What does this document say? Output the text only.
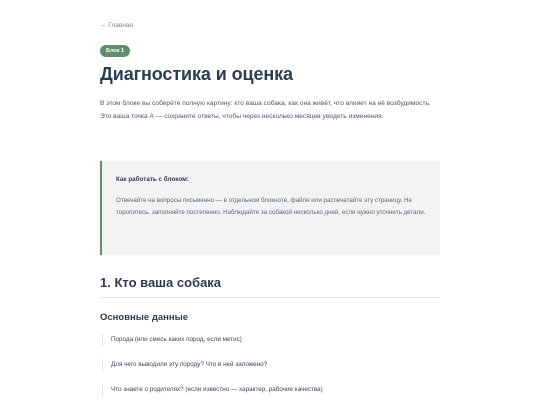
← Главная
Блок 1
Диагностика и оценка

В этом блоке вы соберёте полную картину: кто ваша собака, как она живёт, что влияет на её возбудимость. Это ваша точка А — сохраните ответы, чтобы через несколько месяцев увидеть изменения.

Как работать с блоком:

Отвечайте на вопросы письменно — в отдельном блокноте, файле или распечатайте эту страницу. Не торопитесь, заполняйте постепенно. Наблюдайте за собакой несколько дней, если нужно уточнить детали.

1. Кто ваша собака
Основные данные
Порода (или смесь каких пород, если метис)
Для чего выводили эту породу? Что в ней заложено?
Что знаете о родителях? (если известно — характер, рабочие качества)
